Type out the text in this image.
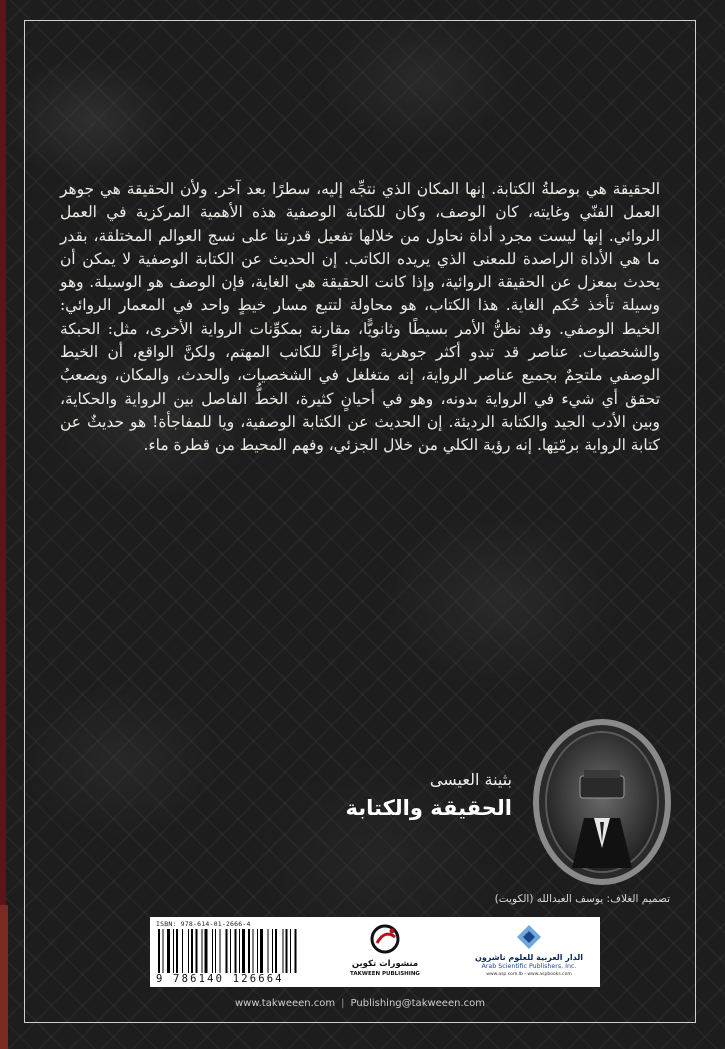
الحقيقة هي بوصلةُ الكتابة. إنها المكان الذي نتجِّه إليه، سطرًا بعد آخر. ولأن الحقيقة هي جوهر العمل الفنّي وغايته، كان الوصف، وكان للكتابة الوصفية هذه الأهمية المركزية في العمل الروائي. إنها ليست مجرد أداة نحاول من خلالها تفعيل قدرتنا على نسج العوالم المختلقة، بقدر ما هي الأداة الراصدة للمعنى الذي يريده الكاتب. إن الحديث عن الكتابة الوصفية لا يمكن أن يحدث بمعزل عن الحقيقة الروائية، وإذا كانت الحقيقة هي الغاية، فإن الوصف هو الوسيلة. وهو وسيلة تأخذ حُكم الغاية. هذا الكتاب، هو محاولة لتتبع مسار خيطٍ واحد في المعمار الروائي: الخيط الوصفي. وقد نظنُّ الأمر بسيطًا وثانويًّا، مقارنة بمكوِّنات الرواية الأخرى، مثل: الحبكة والشخصيات. عناصر قد تبدو أكثر جوهرية وإغراءً للكاتب المهتم، ولكنَّ الواقع، أن الخيط الوصفي ملتحِمٌ بجميع عناصر الرواية، إنه متغلغل في الشخصيات، والحدث، والمكان، ويصعبُ تحقق أي شيء في الرواية بدونه، وهو في أحيانٍ كثيرة، الخطُّ الفاصل بين الرواية والحكاية، وبين الأدب الجيد والكتابة الرديئة. إن الحديث عن الكتابة الوصفية، ويا للمفاجأة! هو حديثٌ عن كتابة الرواية برمّتِها. إنه رؤية الكلي من خلال الجزئي، وفهم المحيط من قطرة ماء.

بثينة العيسى
الحقيقة والكتابة
تصميم الغلاف: يوسف العبدالله (الكويت)
ISBN: 978-614-01-2666-4
9 786140 126664
منشورات تكوين
TAKWEEN PUBLISHING
الدار العربية للعلوم ناشرون
Arab Scientific Publishers, Inc.
www.asp.com.lb - www.aspbooks.com
www.takweeen.com | Publishing@takweeen.com
